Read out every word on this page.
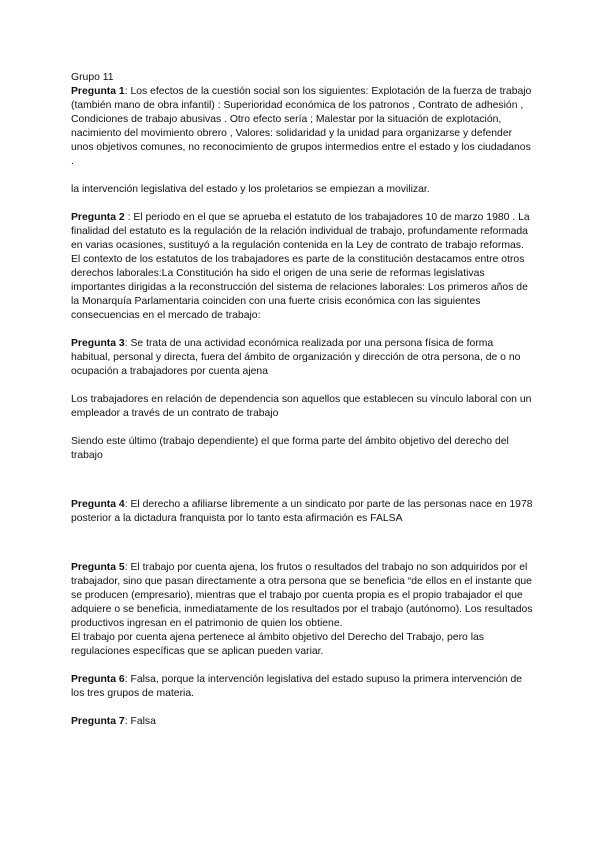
Grupo 11

Pregunta 1: Los efectos de la cuestión social son los siguientes: Explotación de la fuerza de trabajo (también mano de obra infantil) : Superioridad económica de los patronos , Contrato de adhesión , Condiciones de trabajo abusivas . Otro efecto sería ; Malestar por la situación de explotación, nacimiento del movimiento obrero , Valores: solidaridad y la unidad para organizarse y defender unos objetivos comunes, no reconocimiento de grupos intermedios entre el estado y los ciudadanos .

la intervención legislativa del estado y los proletarios se empiezan a movilizar.

Pregunta 2 : El periodo en el que se aprueba el estatuto de los trabajadores 10 de marzo 1980 . La finalidad del estatuto es la regulación de la relación individual de trabajo, profundamente reformada en varias ocasiones, sustituyó a la regulación contenida en la Ley de contrato de trabajo reformas. El contexto de los estatutos de los trabajadores es parte de la constitución destacamos entre otros derechos laborales:La Constitución ha sido el origen de una serie de reformas legislativas importantes dirigidas a la reconstrucción del sistema de relaciones laborales: Los primeros años de la Monarquía Parlamentaria coinciden con una fuerte crisis económica con las siguientes consecuencias en el mercado de trabajo:

Pregunta 3: Se trata de una actividad económica realizada por una persona física de forma habitual, personal y directa, fuera del ámbito de organización y dirección de otra persona, de o no ocupación a trabajadores por cuenta ajena

Los trabajadores en relación de dependencia son aquellos que establecen su vínculo laboral con un empleador a través de un contrato de trabajo

Siendo este último (trabajo dependiente) el que forma parte del ámbito objetivo del derecho del trabajo

Pregunta 4: El derecho a afiliarse libremente a un sindicato por parte de las personas nace en 1978 posterior a la dictadura franquista por lo tanto esta afirmación es FALSA

Pregunta 5: El trabajo por cuenta ajena, los frutos o resultados del trabajo no son adquiridos por el trabajador, sino que pasan directamente a otra persona que se beneficia “de ellos en el instante que se producen (empresario), mientras que el trabajo por cuenta propia es el propio trabajador el que adquiere o se beneficia, inmediatamente de los resultados por el trabajo (autónomo). Los resultados productivos ingresan en el patrimonio de quien los obtiene.

El trabajo por cuenta ajena pertenece al ámbito objetivo del Derecho del Trabajo, pero las regulaciones específicas que se aplican pueden variar.

Pregunta 6: Falsa, porque la intervención legislativa del estado supuso la primera intervención de los tres grupos de materia.

Pregunta 7: Falsa
